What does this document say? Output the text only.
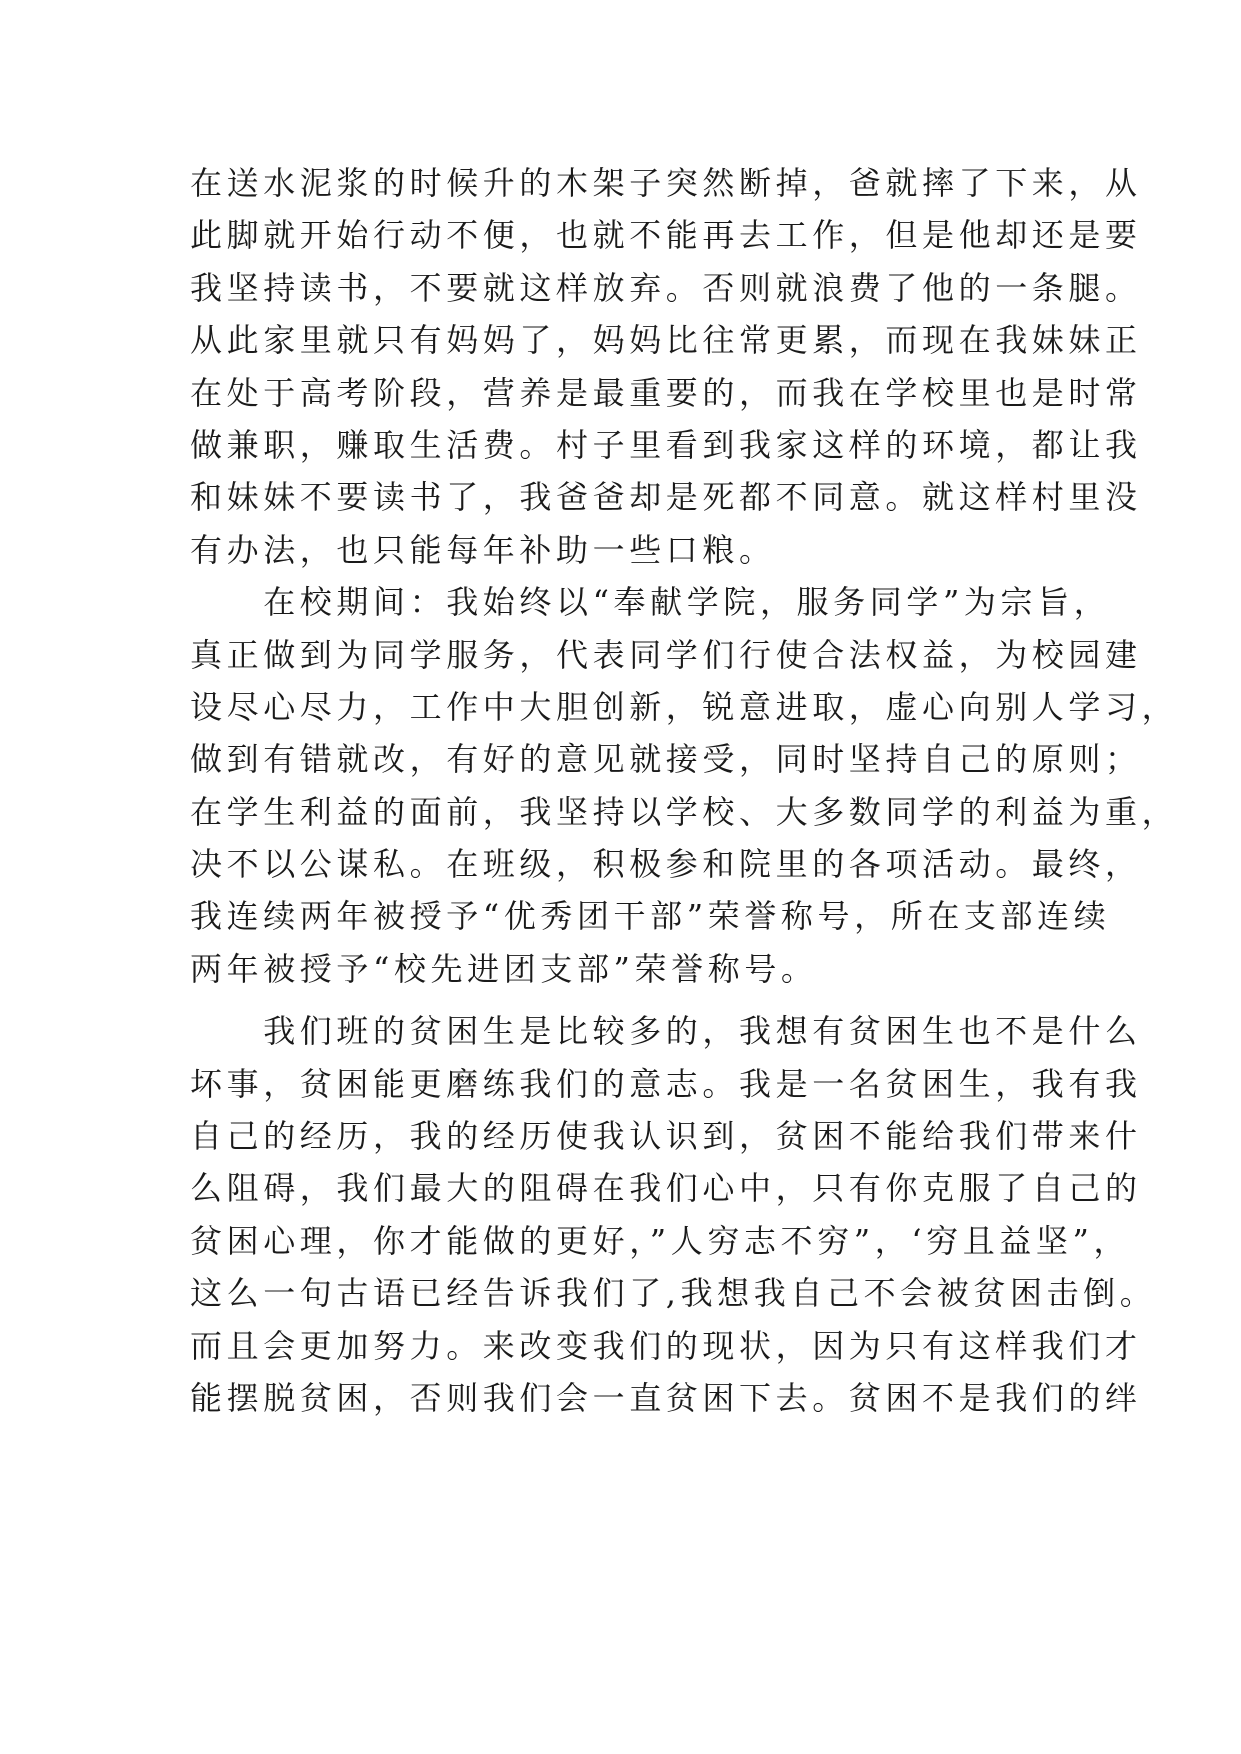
在送水泥浆的时候升的木架子突然断掉，爸就摔了下来，从
此脚就开始行动不便，也就不能再去工作，但是他却还是要
我坚持读书，不要就这样放弃。否则就浪费了他的一条腿。
从此家里就只有妈妈了，妈妈比往常更累，而现在我妹妹正
在处于高考阶段，营养是最重要的，而我在学校里也是时常
做兼职，赚取生活费。村子里看到我家这样的环境，都让我
和妹妹不要读书了，我爸爸却是死都不同意。就这样村里没
有办法，也只能每年补助一些口粮。
　　在校期间：我始终以“奉献学院，服务同学”为宗旨，
真正做到为同学服务，代表同学们行使合法权益，为校园建
设尽心尽力，工作中大胆创新，锐意进取，虚心向别人学习，
做到有错就改，有好的意见就接受，同时坚持自己的原则；
在学生利益的面前，我坚持以学校、大多数同学的利益为重，
决不以公谋私。在班级，积极参和院里的各项活动。最终，
我连续两年被授予“优秀团干部”荣誉称号，所在支部连续
两年被授予“校先进团支部”荣誉称号。
　　我们班的贫困生是比较多的，我想有贫困生也不是什么
坏事，贫困能更磨练我们的意志。我是一名贫困生，我有我
自己的经历，我的经历使我认识到，贫困不能给我们带来什
么阻碍，我们最大的阻碍在我们心中，只有你克服了自己的
贫困心理，你才能做的更好，”人穷志不穷”，‘穷且益坚”，
这么一句古语已经告诉我们了,我想我自己不会被贫困击倒。
而且会更加努力。来改变我们的现状，因为只有这样我们才
能摆脱贫困，否则我们会一直贫困下去。贫困不是我们的绊
